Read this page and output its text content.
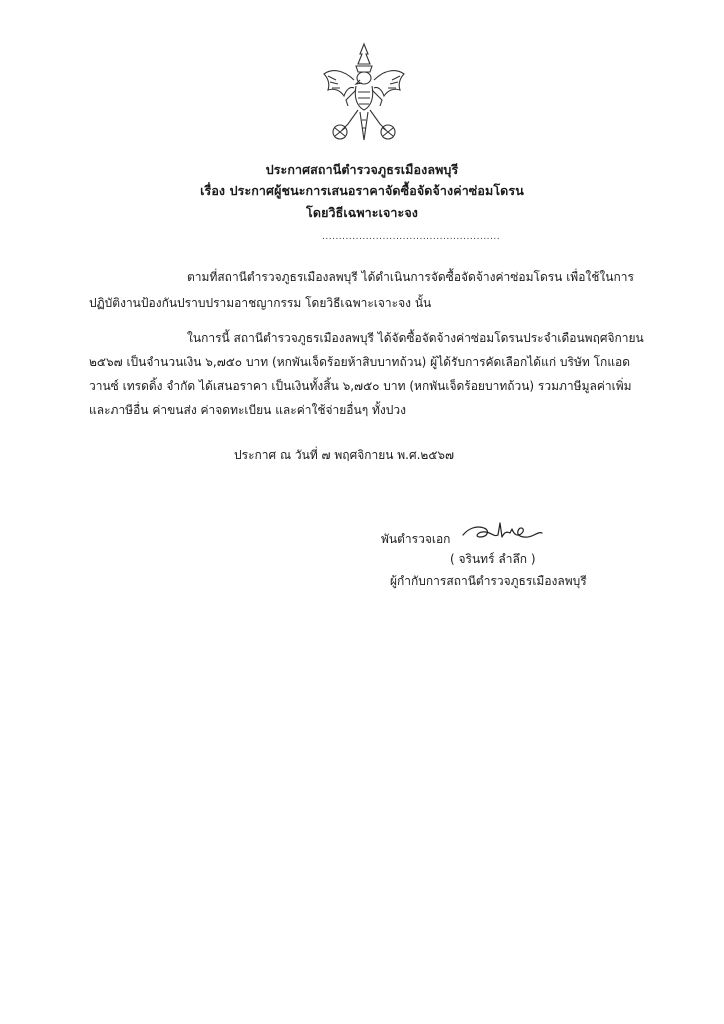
ประกาศสถานีตำรวจภูธรเมืองลพบุรี
เรื่อง ประกาศผู้ชนะการเสนอราคาจัดซื้อจัดจ้างค่าซ่อมโดรน
โดยวิธีเฉพาะเจาะจง
.....................................................
ตามที่สถานีตำรวจภูธรเมืองลพบุรี ได้ดำเนินการจัดซื้อจัดจ้างค่าซ่อมโดรน เพื่อใช้ในการ
ปฏิบัติงานป้องกันปราบปรามอาชญากรรม โดยวิธีเฉพาะเจาะจง นั้น
ในการนี้ สถานีตำรวจภูธรเมืองลพบุรี ได้จัดซื้อจัดจ้างค่าซ่อมโดรนประจำเดือนพฤศจิกายน
๒๕๖๗ เป็นจำนวนเงิน ๖,๗๕๐ บาท (หกพันเจ็ดร้อยห้าสิบบาทถ้วน) ผู้ได้รับการคัดเลือกได้แก่ บริษัท โกแอด
วานซ์ เทรดดิ้ง จำกัด ได้เสนอราคา เป็นเงินทั้งสิ้น ๖,๗๕๐ บาท (หกพันเจ็ดร้อยบาทถ้วน) รวมภาษีมูลค่าเพิ่ม
และภาษีอื่น ค่าขนส่ง ค่าจดทะเบียน และค่าใช้จ่ายอื่นๆ ทั้งปวง
ประกาศ ณ วันที่ ๗ พฤศจิกายน พ.ศ.๒๕๖๗
พันตำรวจเอก
( จรินทร์ ลำลึก )
ผู้กำกับการสถานีตำรวจภูธรเมืองลพบุรี
